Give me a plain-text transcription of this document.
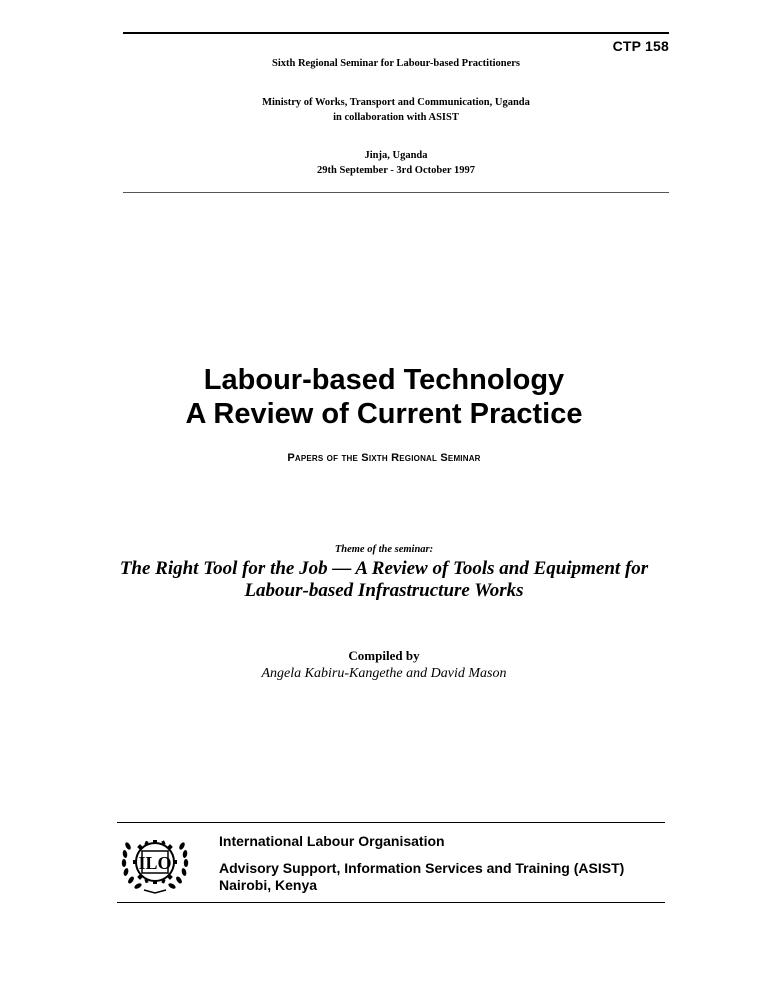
CTP 158
Sixth Regional Seminar for Labour-based Practitioners
Ministry of Works, Transport and Communication, Uganda
in collaboration with ASIST
Jinja, Uganda
29th September - 3rd October 1997
Labour-based Technology
A Review of Current Practice
Papers of the Sixth Regional Seminar
Theme of the seminar:
The Right Tool for the Job — A Review of Tools and Equipment for
Labour-based Infrastructure Works
Compiled by
Angela Kabiru-Kangethe and David Mason
ILO
International Labour Organisation
Advisory Support, Information Services and Training (ASIST)
Nairobi, Kenya
